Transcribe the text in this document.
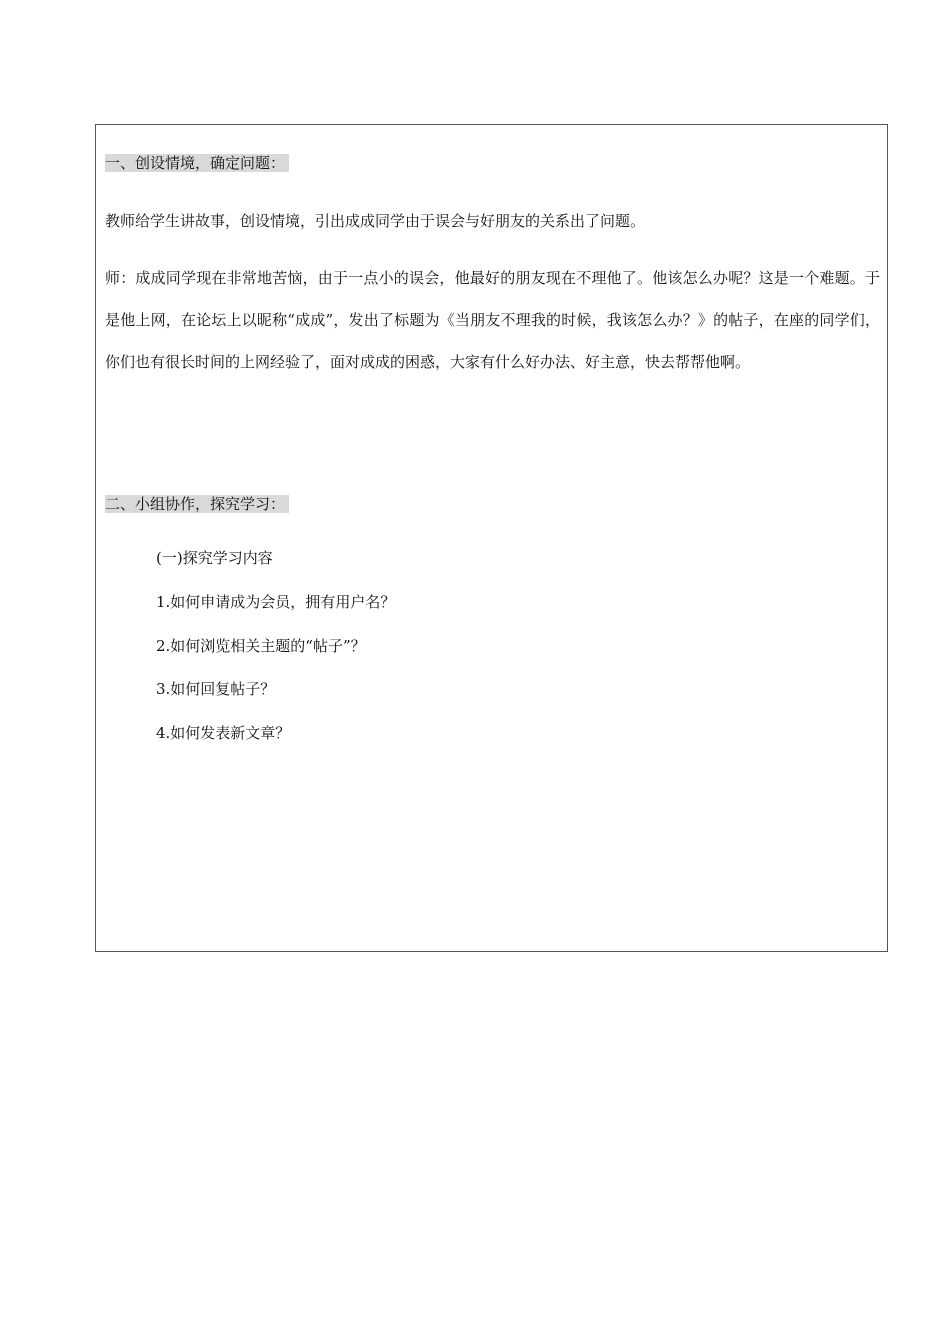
一、创设情境，确定问题：
教师给学生讲故事，创设情境，引出成成同学由于误会与好朋友的关系出了问题。
师：成成同学现在非常地苦恼，由于一点小的误会，他最好的朋友现在不理他了。他该怎么办呢？这是一个难题。于是他上网，在论坛上以昵称“成成”，发出了标题为《当朋友不理我的时候，我该怎么办？》的帖子，在座的同学们，你们也有很长时间的上网经验了，面对成成的困惑，大家有什么好办法、好主意，快去帮帮他啊。
二、小组协作，探究学习：
(一)探究学习内容
1.如何申请成为会员，拥有用户名？
2.如何浏览相关主题的“帖子”？
3.如何回复帖子？
4.如何发表新文章？
